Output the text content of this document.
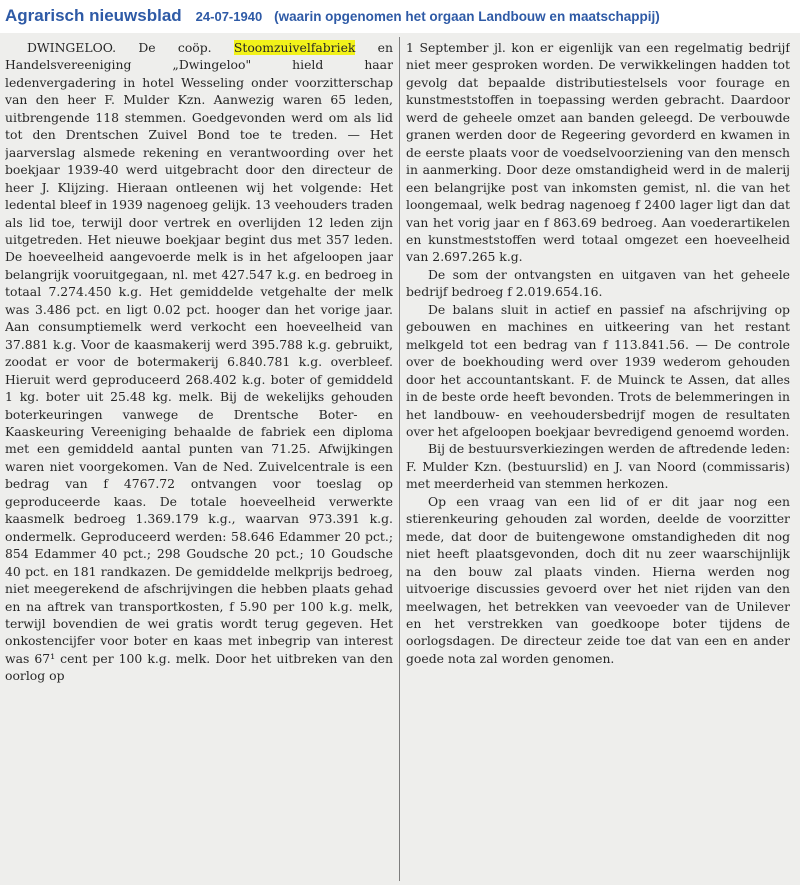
Agrarisch nieuwsblad 24-07-1940 (waarin opgenomen het orgaan Landbouw en maatschappij)

DWINGELOO. De coöp. Stoomzuivelfabriek en Handelsvereeniging „Dwingeloo" hield haar ledenvergadering in hotel Wesseling onder voorzitterschap van den heer F. Mulder Kzn. Aanwezig waren 65 leden, uitbrengende 118 stemmen. Goedgevonden werd om als lid tot den Drentschen Zuivel Bond toe te treden. — Het jaarverslag alsmede rekening en verantwoording over het boekjaar 1939-40 werd uitgebracht door den directeur de heer J. Klijzing. Hieraan ontleenen wij het volgende: Het ledental bleef in 1939 nagenoeg gelijk. 13 veehouders traden als lid toe, terwijl door vertrek en overlijden 12 leden zijn uitgetreden. Het nieuwe boekjaar begint dus met 357 leden. De hoeveelheid aangevoerde melk is in het afgeloopen jaar belangrijk vooruitgegaan, nl. met 427.547 k.g. en bedroeg in totaal 7.274.450 k.g. Het gemiddelde vetgehalte der melk was 3.486 pct. en ligt 0.02 pct. hooger dan het vorige jaar. Aan consumptiemelk werd verkocht een hoeveelheid van 37.881 k.g. Voor de kaasmakerij werd 395.788 k.g. gebruikt, zoodat er voor de botermakerij 6.840.781 k.g. overbleef. Hieruit werd geproduceerd 268.402 k.g. boter of gemiddeld 1 kg. boter uit 25.48 kg. melk. Bij de wekelijks gehouden boterkeuringen vanwege de Drentsche Boter- en Kaaskeuring Vereeniging behaalde de fabriek een diploma met een gemiddeld aantal punten van 71.25. Afwijkingen waren niet voorgekomen. Van de Ned. Zuivelcentrale is een bedrag van f 4767.72 ontvangen voor toeslag op geproduceerde kaas. De totale hoeveelheid verwerkte kaasmelk bedroeg 1.369.179 k.g., waarvan 973.391 k.g. ondermelk. Geproduceerd werden: 58.646 Edammer 20 pct.; 854 Edammer 40 pct.; 298 Goudsche 20 pct.; 10 Goudsche 40 pct. en 181 randkazen. De gemiddelde melkprijs bedroeg, niet meegerekend de afschrijvingen die hebben plaats gehad en na aftrek van transportkosten, f 5.90 per 100 k.g. melk, terwijl bovendien de wei gratis wordt terug gegeven. Het onkostencijfer voor boter en kaas met inbegrip van interest was 67¹ cent per 100 k.g. melk. Door het uitbreken van den oorlog op

1 September jl. kon er eigenlijk van een regelmatig bedrijf niet meer gesproken worden. De verwikkelingen hadden tot gevolg dat bepaalde distributiestelsels voor fourage en kunstmeststoffen in toepassing werden gebracht. Daardoor werd de geheele omzet aan banden geleegd. De verbouwde granen werden door de Regeering gevorderd en kwamen in de eerste plaats voor de voedselvoorziening van den mensch in aanmerking. Door deze omstandigheid werd in de malerij een belangrijke post van inkomsten gemist, nl. die van het loongemaal, welk bedrag nagenoeg f 2400 lager ligt dan dat van het vorig jaar en f 863.69 bedroeg. Aan voederartikelen en kunstmeststoffen werd totaal omgezet een hoeveelheid van 2.697.265 k.g.

De som der ontvangsten en uitgaven van het geheele bedrijf bedroeg f 2.019.654.16.

De balans sluit in actief en passief na afschrijving op gebouwen en machines en uitkeering van het restant melkgeld tot een bedrag van f 113.841.56. — De controle over de boekhouding werd over 1939 wederom gehouden door het accountantskant. F. de Muinck te Assen, dat alles in de beste orde heeft bevonden. Trots de belemmeringen in het landbouw- en veehoudersbedrijf mogen de resultaten over het afgeloopen boekjaar bevredigend genoemd worden.

Bij de bestuursverkiezingen werden de aftredende leden: F. Mulder Kzn. (bestuurslid) en J. van Noord (commissaris) met meerderheid van stemmen herkozen.

Op een vraag van een lid of er dit jaar nog een stierenkeuring gehouden zal worden, deelde de voorzitter mede, dat door de buitengewone omstandigheden dit nog niet heeft plaatsgevonden, doch dit nu zeer waarschijnlijk na den bouw zal plaats vinden. Hierna werden nog uitvoerige discussies gevoerd over het niet rijden van den meelwagen, het betrekken van veevoeder van de Unilever en het verstrekken van goedkoope boter tijdens de oorlogsdagen. De directeur zeide toe dat van een en ander goede nota zal worden genomen.
